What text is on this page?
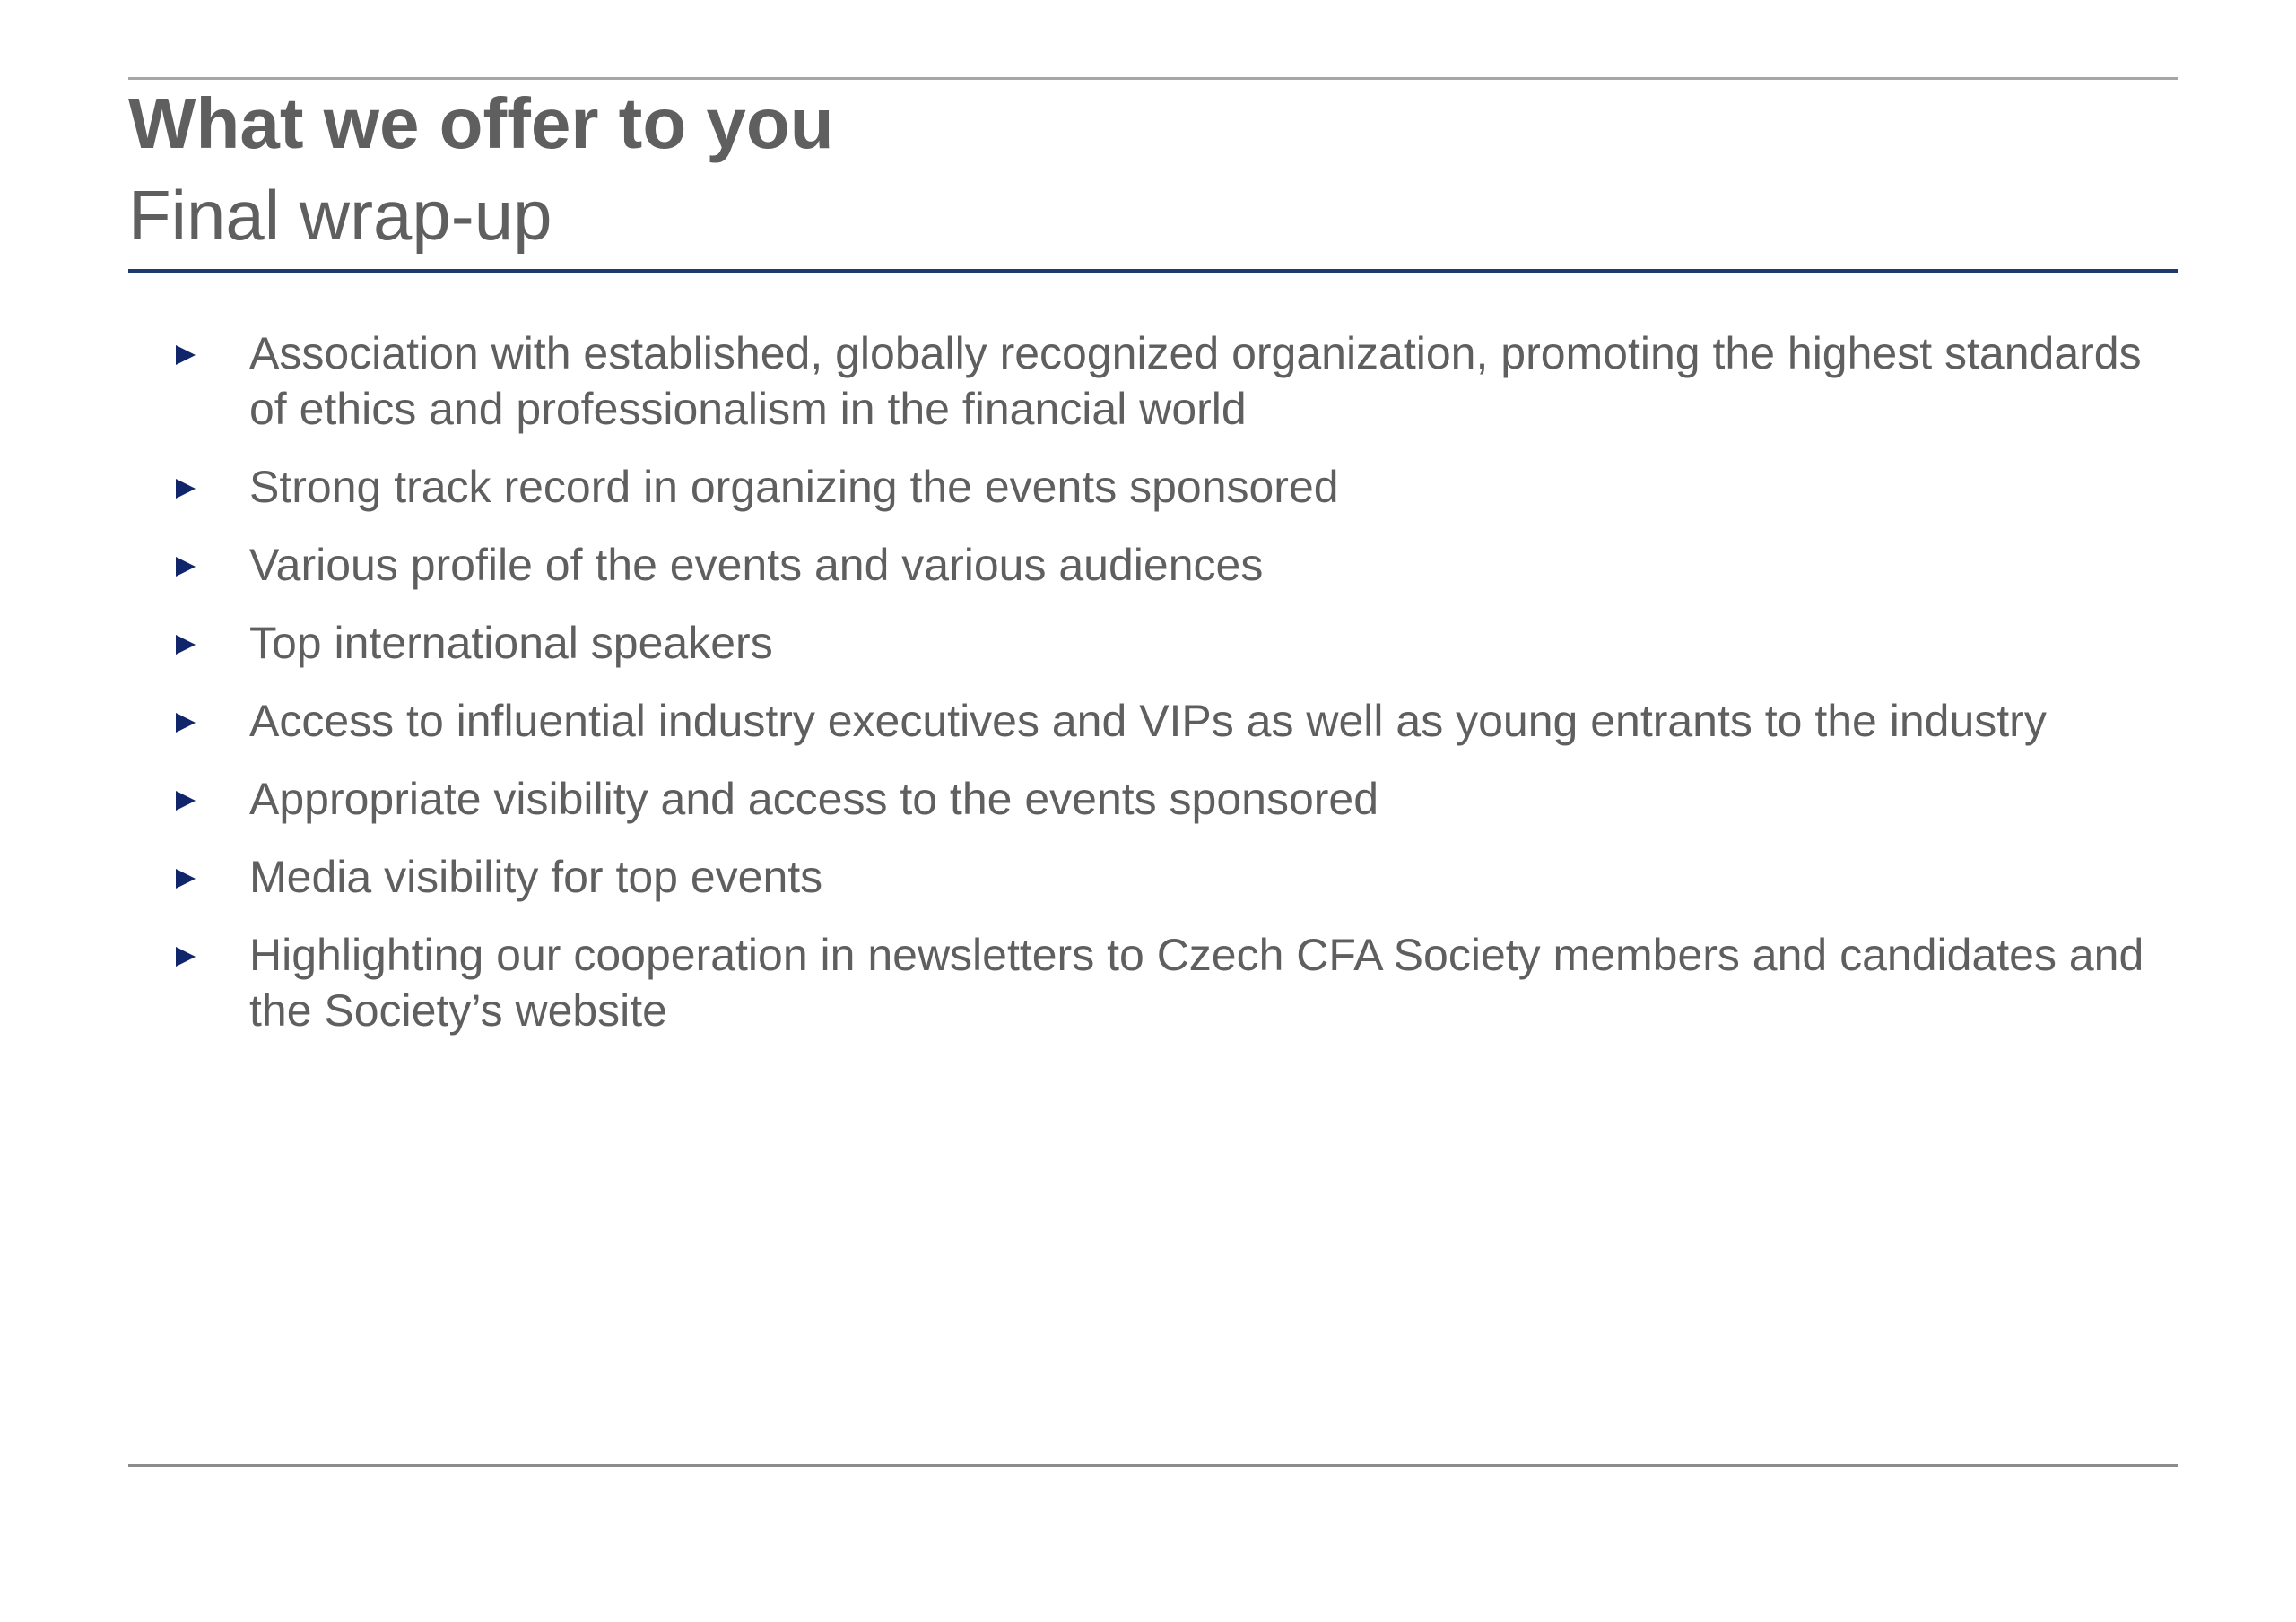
What we offer to you
Final wrap-up
Association with established, globally recognized organization, promoting the highest standards of ethics and professionalism in the financial world
Strong track record in organizing the events sponsored
Various profile of the events and various audiences
Top international speakers
Access to influential industry executives and VIPs as well as young entrants to the industry
Appropriate visibility and access to the events sponsored
Media visibility for top events
Highlighting our cooperation in newsletters to Czech CFA Society members and candidates and the Society’s website
